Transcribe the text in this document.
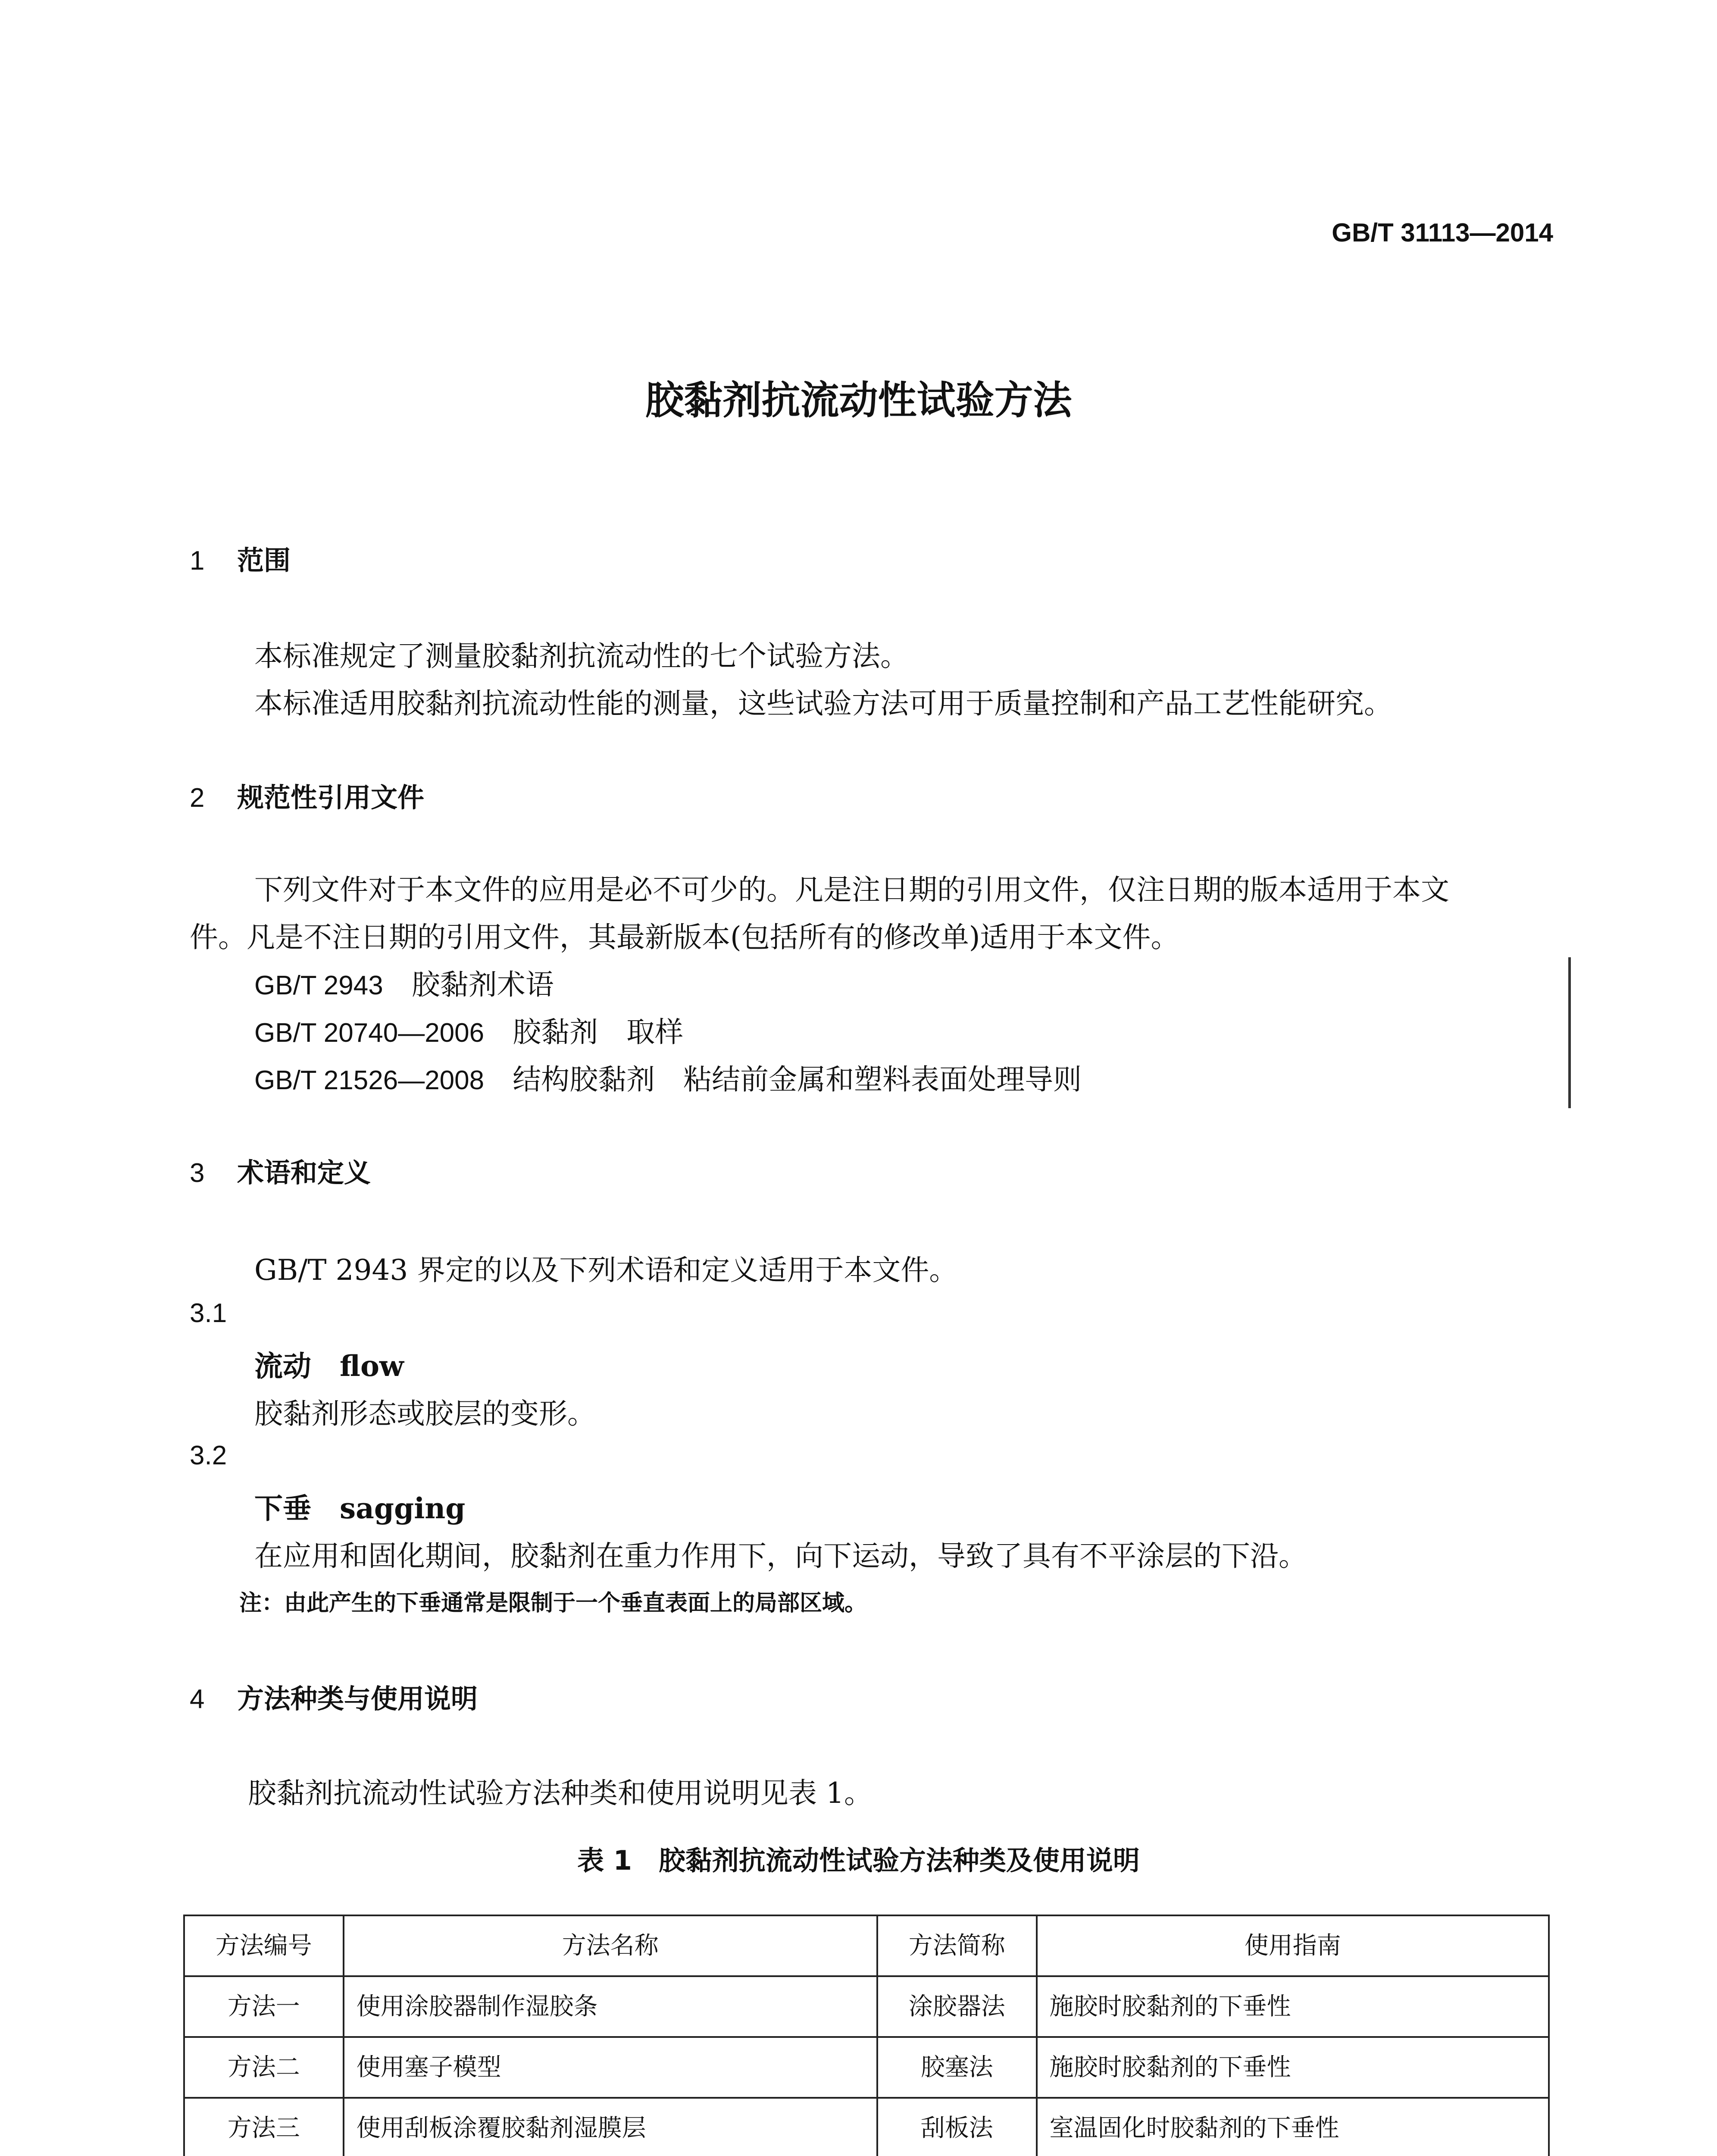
GB/T 31113—2014
胶黏剂抗流动性试验方法
1 范围
本标准规定了测量胶黏剂抗流动性的七个试验方法。
本标准适用胶黏剂抗流动性能的测量，这些试验方法可用于质量控制和产品工艺性能研究。
2 规范性引用文件
下列文件对于本文件的应用是必不可少的。凡是注日期的引用文件，仅注日期的版本适用于本文
件。凡是不注日期的引用文件，其最新版本(包括所有的修改单)适用于本文件。
GB/T 2943　 胶黏剂术语
GB/T 20740—2006　 胶黏剂　取样
GB/T 21526—2008　 结构胶黏剂　粘结前金属和塑料表面处理导则
3 术语和定义
GB/T 2943 界定的以及下列术语和定义适用于本文件。
3.1
流动　 flow
胶黏剂形态或胶层的变形。
3.2
下垂　 sagging
在应用和固化期间，胶黏剂在重力作用下，向下运动，导致了具有不平涂层的下沿。
注：由此产生的下垂通常是限制于一个垂直表面上的局部区域。
4 方法种类与使用说明
胶黏剂抗流动性试验方法种类和使用说明见表 1。
表 1　胶黏剂抗流动性试验方法种类及使用说明
方法编号	方法名称	方法简称	使用指南
方法一	使用涂胶器制作湿胶条	涂胶器法	施胶时胶黏剂的下垂性
方法二	使用塞子模型	胶塞法	施胶时胶黏剂的下垂性
方法三	使用刮板涂覆胶黏剂湿膜层	刮板法	室温固化时胶黏剂的下垂性
